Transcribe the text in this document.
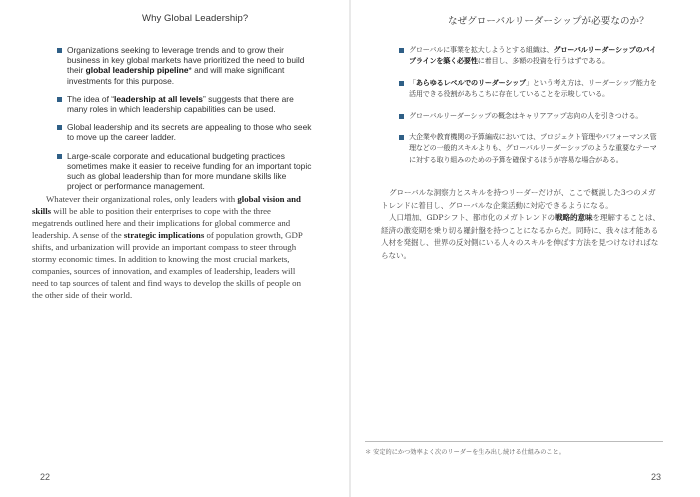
Why Global Leadership?
Organizations seeking to leverage trends and to grow their business in key global markets have prioritized the need to build their global leadership pipeline* and will make significant investments for this purpose.
The idea of “leadership at all levels” suggests that there are many roles in which leadership capabilities can be used.
Global leadership and its secrets are appealing to those who seek to move up the career ladder.
Large-scale corporate and educational budgeting practices sometimes make it easier to receive funding for an important topic such as global leadership than for more mundane skills like project or performance management.
Whatever their organizational roles, only leaders with global vision and skills will be able to position their enterprises to cope with the three megatrends outlined here and their implications for global commerce and leadership. A sense of the strategic implications of population growth, GDP shifts, and urbanization will provide an important compass to steer through stormy economic times. In addition to knowing the most crucial markets, companies, sources of innovation, and examples of leadership, leaders will need to tap sources of talent and find ways to develop the skills of people on the other side of their world.
22
なぜグローバルリーダーシップが必要なのか？
グローバルに事業を拡大しようとする組織は、グローバルリーダーシップのパイプラインを築く必要性に着目し、多額の投資を行うはずである。
「あらゆるレベルでのリーダーシップ」という考え方は、リーダーシップ能力を活用できる役割があちこちに存在していることを示唆している。
グローバルリーダーシップの概念はキャリアアップ志向の人を引きつける。
大企業や教育機関の予算編成においては、プロジェクト管理やパフォーマンス管理などの一般的スキルよりも、グローバルリーダーシップのような重要なテーマに対する取り組みのための予算を確保するほうが容易な場合がある。

グローバルな洞察力とスキルを持つリーダーだけが、ここで概説した3つのメガトレンドに着目し、グローバルな企業活動に対応できるようになる。

人口増加、GDPシフト、都市化のメガトレンドの戦略的意味を理解することは、経済の激変期を乗り切る羅針盤を持つことになるからだ。同時に、我々は才能ある人材を発掘し、世界の反対側にいる人々のスキルを伸ばす方法を見つけなければならない。

＊ 安定的にかつ効率よく次のリーダーを生み出し続ける仕組みのこと。
23
